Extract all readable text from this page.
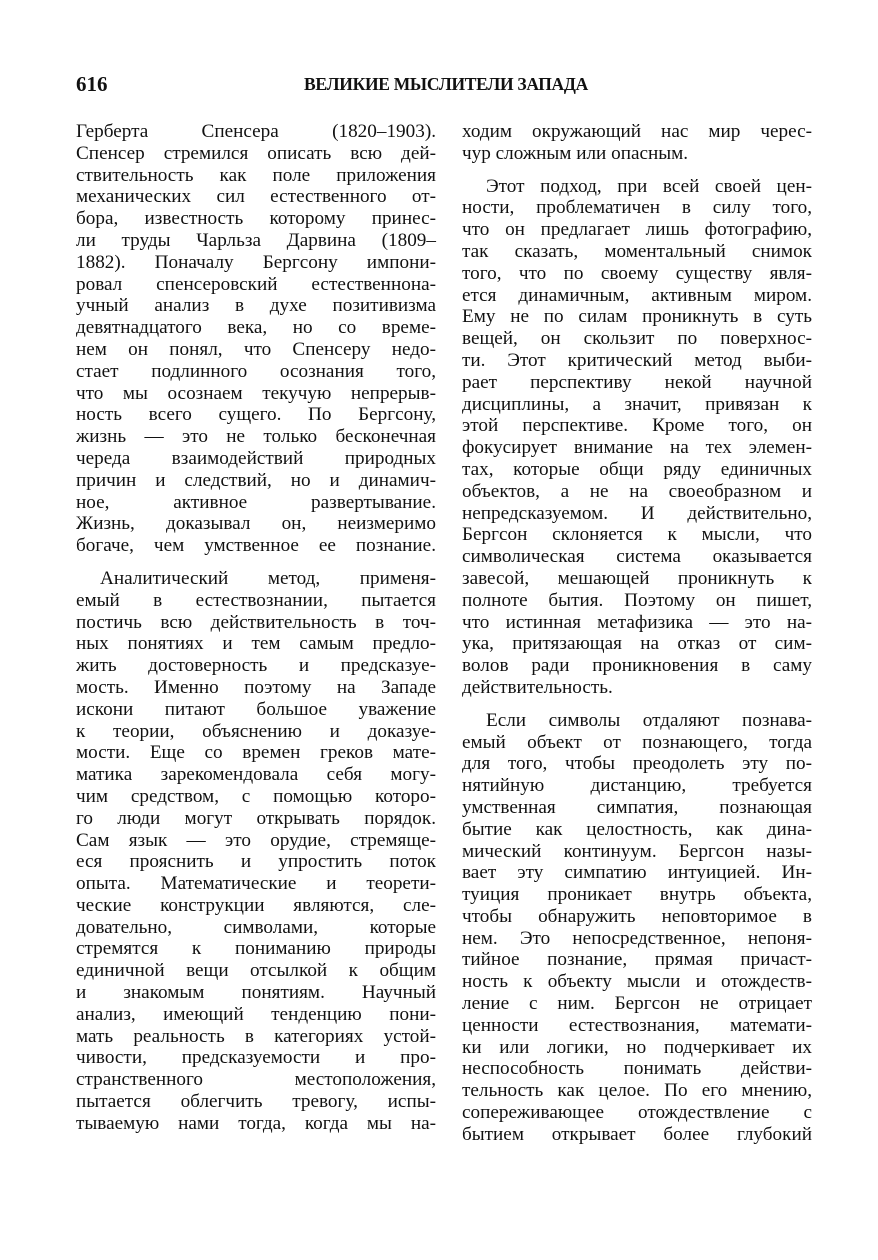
616	ВЕЛИКИЕ МЫСЛИТЕЛИ ЗАПАДА
Герберта Спенсера (1820–1903).
Спенсер стремился описать всю дей-
ствительность как поле приложения
механических сил естественного от-
бора, известность которому принес-
ли труды Чарльза Дарвина (1809–
1882). Поначалу Бергсону импони-
ровал спенсеровский естественнона-
учный анализ в духе позитивизма
девятнадцатого века, но со време-
нем он понял, что Спенсеру недо-
стает подлинного осознания того,
что мы осознаем текучую непрерыв-
ность всего сущего. По Бергсону,
жизнь — это не только бесконечная
череда взаимодействий природных
причин и следствий, но и динамич-
ное, активное развертывание.
Жизнь, доказывал он, неизмеримо
богаче, чем умственное ее познание.
Аналитический метод, применя-
емый в естествознании, пытается
постичь всю действительность в точ-
ных понятиях и тем самым предло-
жить достоверность и предсказуе-
мость. Именно поэтому на Западе
искони питают большое уважение
к теории, объяснению и доказуе-
мости. Еще со времен греков мате-
матика зарекомендовала себя могу-
чим средством, с помощью которо-
го люди могут открывать порядок.
Сам язык — это орудие, стремяще-
еся прояснить и упростить поток
опыта. Математические и теорети-
ческие конструкции являются, сле-
довательно, символами, которые
стремятся к пониманию природы
единичной вещи отсылкой к общим
и знакомым понятиям. Научный
анализ, имеющий тенденцию пони-
мать реальность в категориях устой-
чивости, предсказуемости и про-
странственного местоположения,
пытается облегчить тревогу, испы-
тываемую нами тогда, когда мы на-
ходим окружающий нас мир черес-
чур сложным или опасным.
Этот подход, при всей своей цен-
ности, проблематичен в силу того,
что он предлагает лишь фотографию,
так сказать, моментальный снимок
того, что по своему существу явля-
ется динамичным, активным миром.
Ему не по силам проникнуть в суть
вещей, он скользит по поверхнос-
ти. Этот критический метод выби-
рает перспективу некой научной
дисциплины, а значит, привязан к
этой перспективе. Кроме того, он
фокусирует внимание на тех элемен-
тах, которые общи ряду единичных
объектов, а не на своеобразном и
непредсказуемом. И действительно,
Бергсон склоняется к мысли, что
символическая система оказывается
завесой, мешающей проникнуть к
полноте бытия. Поэтому он пишет,
что истинная метафизика — это на-
ука, притязающая на отказ от сим-
волов ради проникновения в саму
действительность.
Если символы отдаляют познава-
емый объект от познающего, тогда
для того, чтобы преодолеть эту по-
нятийную дистанцию, требуется
умственная симпатия, познающая
бытие как целостность, как дина-
мический континуум. Бергсон назы-
вает эту симпатию интуицией. Ин-
туиция проникает внутрь объекта,
чтобы обнаружить неповторимое в
нем. Это непосредственное, непоня-
тийное познание, прямая причаст-
ность к объекту мысли и отождеств-
ление с ним. Бергсон не отрицает
ценности естествознания, математи-
ки или логики, но подчеркивает их
неспособность понимать действи-
тельность как целое. По его мнению,
сопереживающее отождествление с
бытием открывает более глубокий
